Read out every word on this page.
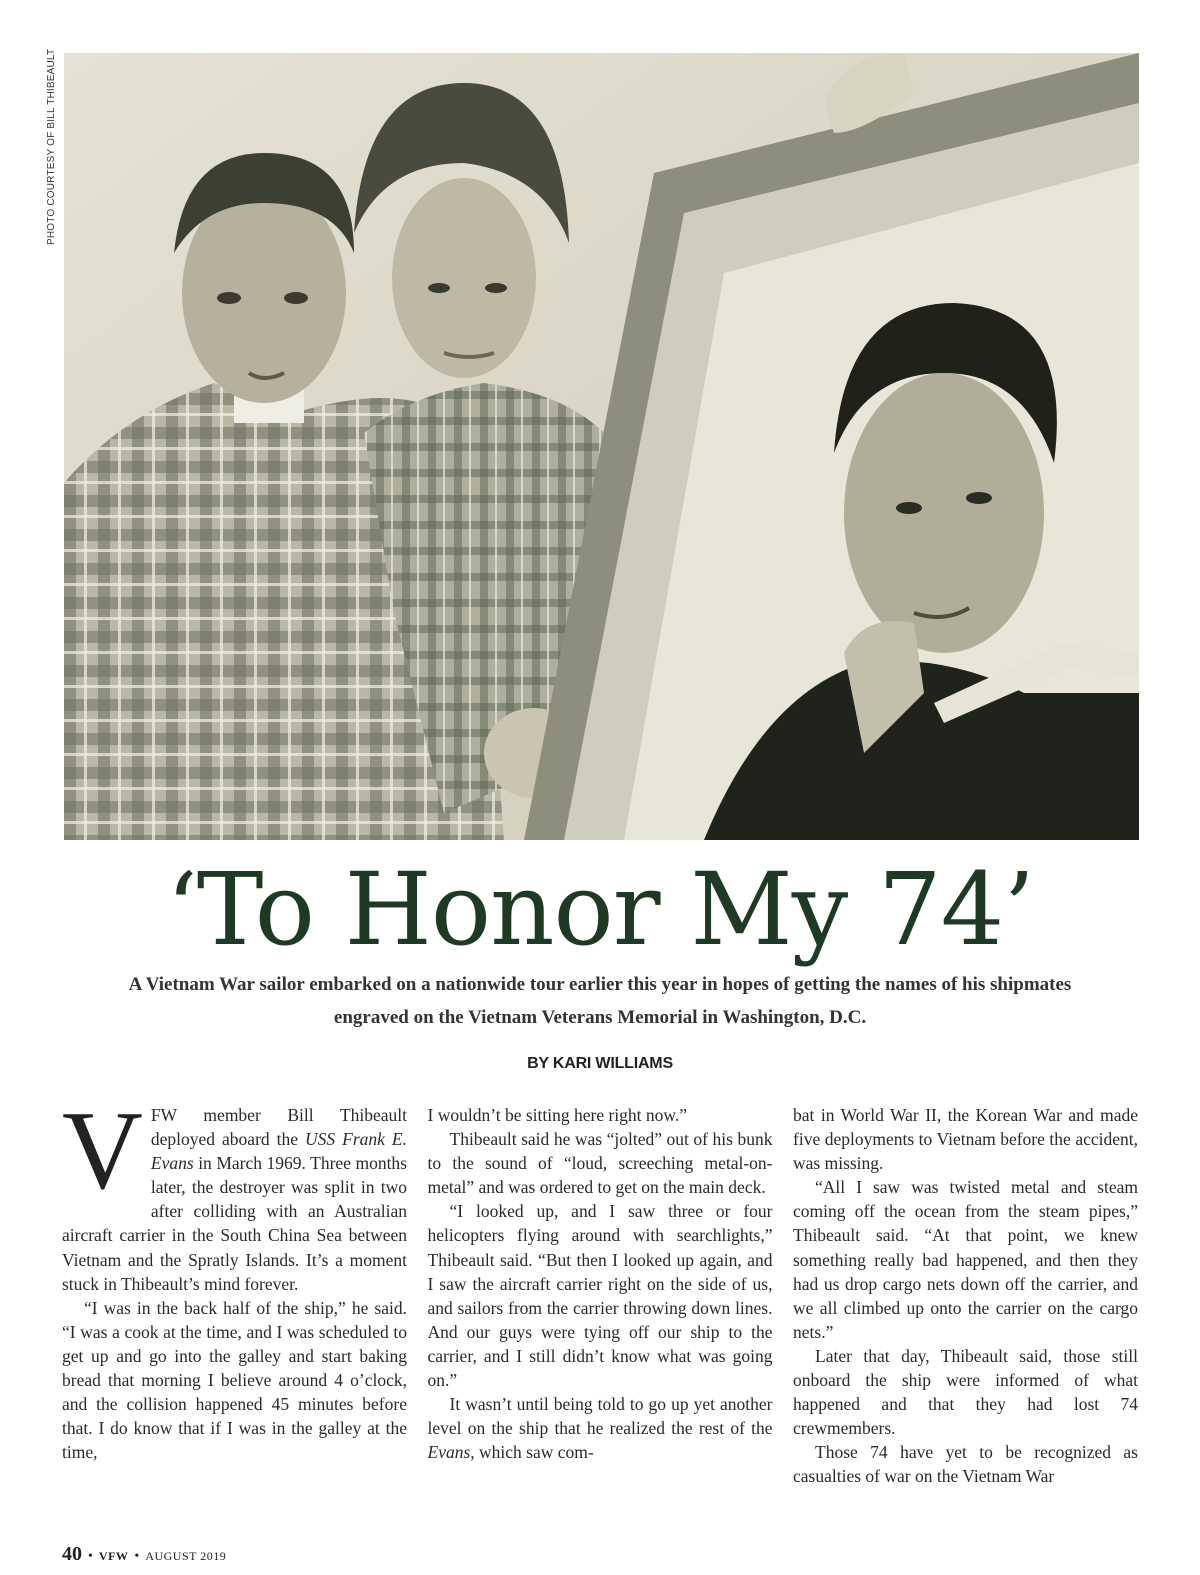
PHOTO COURTESY OF BILL THIBEAULT
‘To Honor My 74’

A Vietnam War sailor embarked on a nationwide tour earlier this year in hopes of getting the names of his shipmates engraved on the Vietnam Veterans Memorial in Washington, D.C.

BY KARI WILLIAMS

VFW member Bill Thibeault deployed aboard the USS Frank E. Evans in March 1969. Three months later, the destroyer was split in two after colliding with an Australian aircraft carrier in the South China Sea between Vietnam and the Spratly Islands. It’s a moment stuck in Thibeault’s mind forever.

“I was in the back half of the ship,” he said. “I was a cook at the time, and I was scheduled to get up and go into the galley and start baking bread that morning I believe around 4 o’clock, and the collision happened 45 minutes before that. I do know that if I was in the galley at the time,

I wouldn’t be sitting here right now.”

Thibeault said he was “jolted” out of his bunk to the sound of “loud, screeching metal-on-metal” and was ordered to get on the main deck.

“I looked up, and I saw three or four helicopters flying around with searchlights,” Thibeault said. “But then I looked up again, and I saw the aircraft carrier right on the side of us, and sailors from the carrier throwing down lines. And our guys were tying off our ship to the carrier, and I still didn’t know what was going on.”

It wasn’t until being told to go up yet another level on the ship that he realized the rest of the Evans, which saw com-

bat in World War II, the Korean War and made five deployments to Vietnam before the accident, was missing.

“All I saw was twisted metal and steam coming off the ocean from the steam pipes,” Thibeault said. “At that point, we knew something really bad happened, and then they had us drop cargo nets down off the carrier, and we all climbed up onto the carrier on the cargo nets.”

Later that day, Thibeault said, those still onboard the ship were informed of what happened and that they had lost 74 crewmembers.

Those 74 have yet to be recognized as casualties of war on the Vietnam War

40 • VFW • AUGUST 2019
